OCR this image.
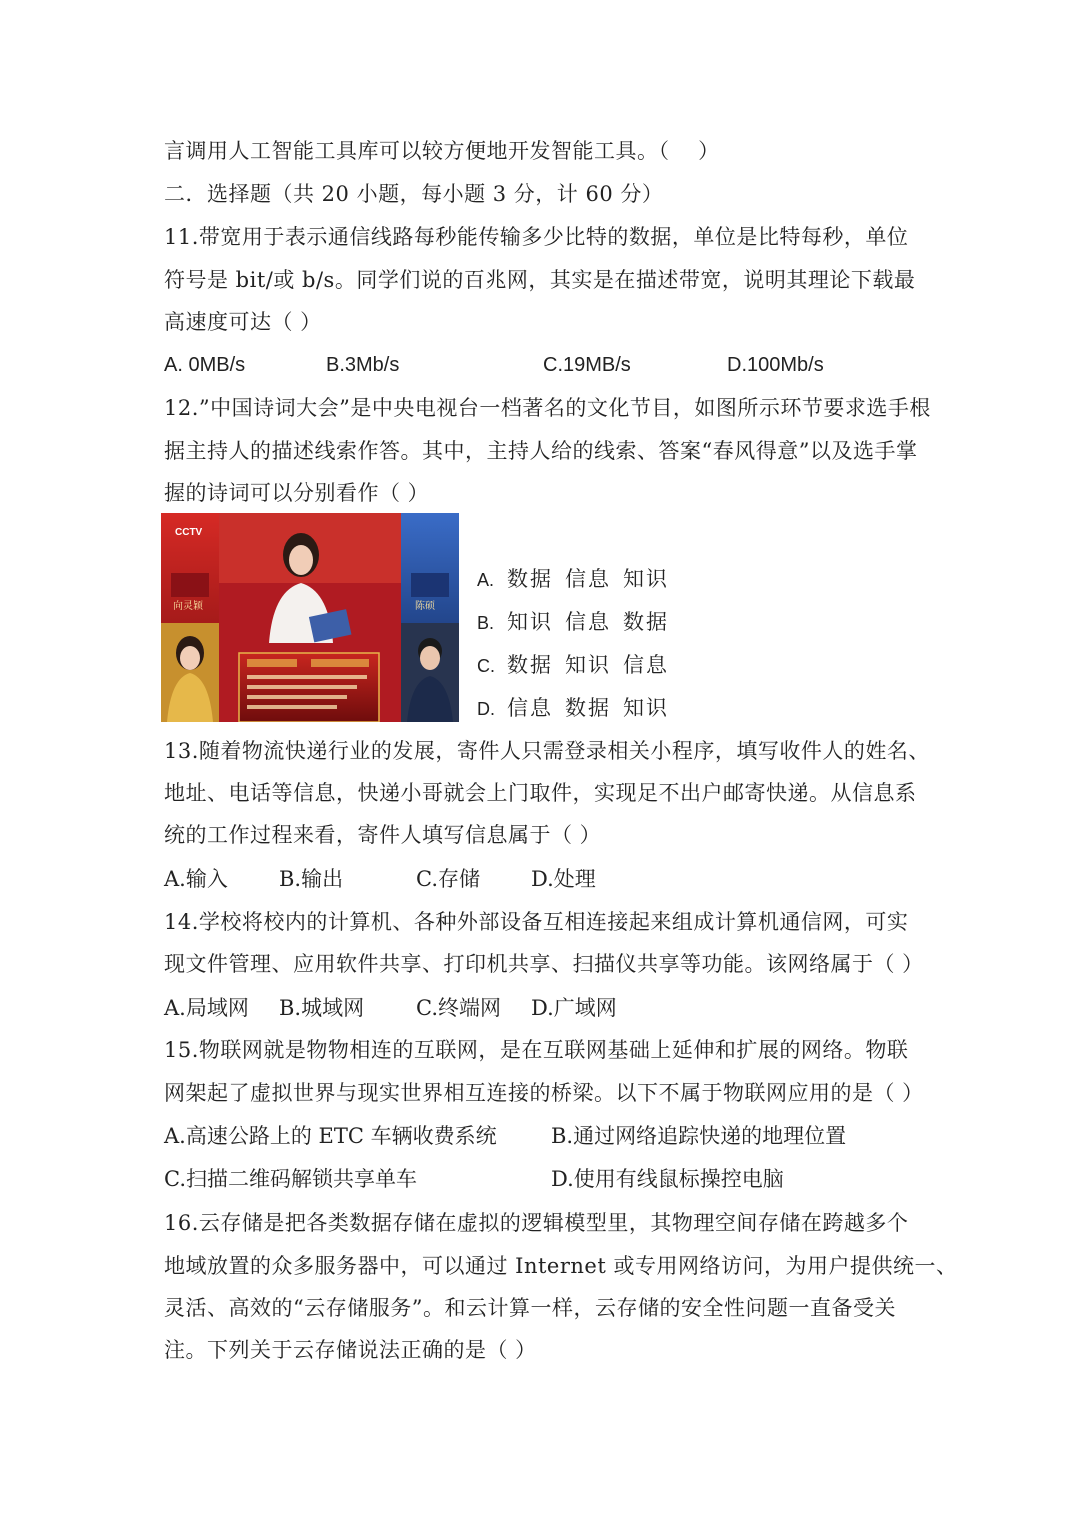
言调用人工智能工具库可以较方便地开发智能工具。（　 ）
二．选择题（共 20 小题，每小题 3 分，计 60 分）
11.带宽用于表示通信线路每秒能传输多少比特的数据，单位是比特每秒，单位
符号是 bit/或 b/s。同学们说的百兆网，其实是在描述带宽，说明其理论下载最
高速度可达（ ）
A. 0MB/s	B.3Mb/s	C.19MB/s	D.100Mb/s
12.”中国诗词大会”是中央电视台一档著名的文化节目，如图所示环节要求选手根
据主持人的描述线索作答。其中，主持人给的线索、答案“春风得意”以及选手掌
握的诗词可以分别看作（ ）
CCTV
向灵颖	陈硕
A. 数据 信息 知识
B. 知识 信息 数据
C. 数据 知识 信息
D. 信息 数据 知识
13.随着物流快递行业的发展，寄件人只需登录相关小程序，填写收件人的姓名、
地址、电话等信息，快递小哥就会上门取件，实现足不出户邮寄快递。从信息系
统的工作过程来看，寄件人填写信息属于（ ）
A.输入 B.输出	C.存储 D.处理
14.学校将校内的计算机、各种外部设备互相连接起来组成计算机通信网，可实
现文件管理、应用软件共享、打印机共享、扫描仪共享等功能。该网络属于（ ）
A.局域网 B.城域网 C.终端网 D.广域网
15.物联网就是物物相连的互联网，是在互联网基础上延伸和扩展的网络。物联
网架起了虚拟世界与现实世界相互连接的桥梁。以下不属于物联网应用的是（ ）
A.高速公路上的 ETC 车辆收费系统	B.通过网络追踪快递的地理位置
C.扫描二维码解锁共享单车	D.使用有线鼠标操控电脑
16.云存储是把各类数据存储在虚拟的逻辑模型里，其物理空间存储在跨越多个
地域放置的众多服务器中，可以通过 Internet 或专用网络访问，为用户提供统一、
灵活、高效的“云存储服务”。和云计算一样，云存储的安全性问题一直备受关
注。下列关于云存储说法正确的是（ ）
